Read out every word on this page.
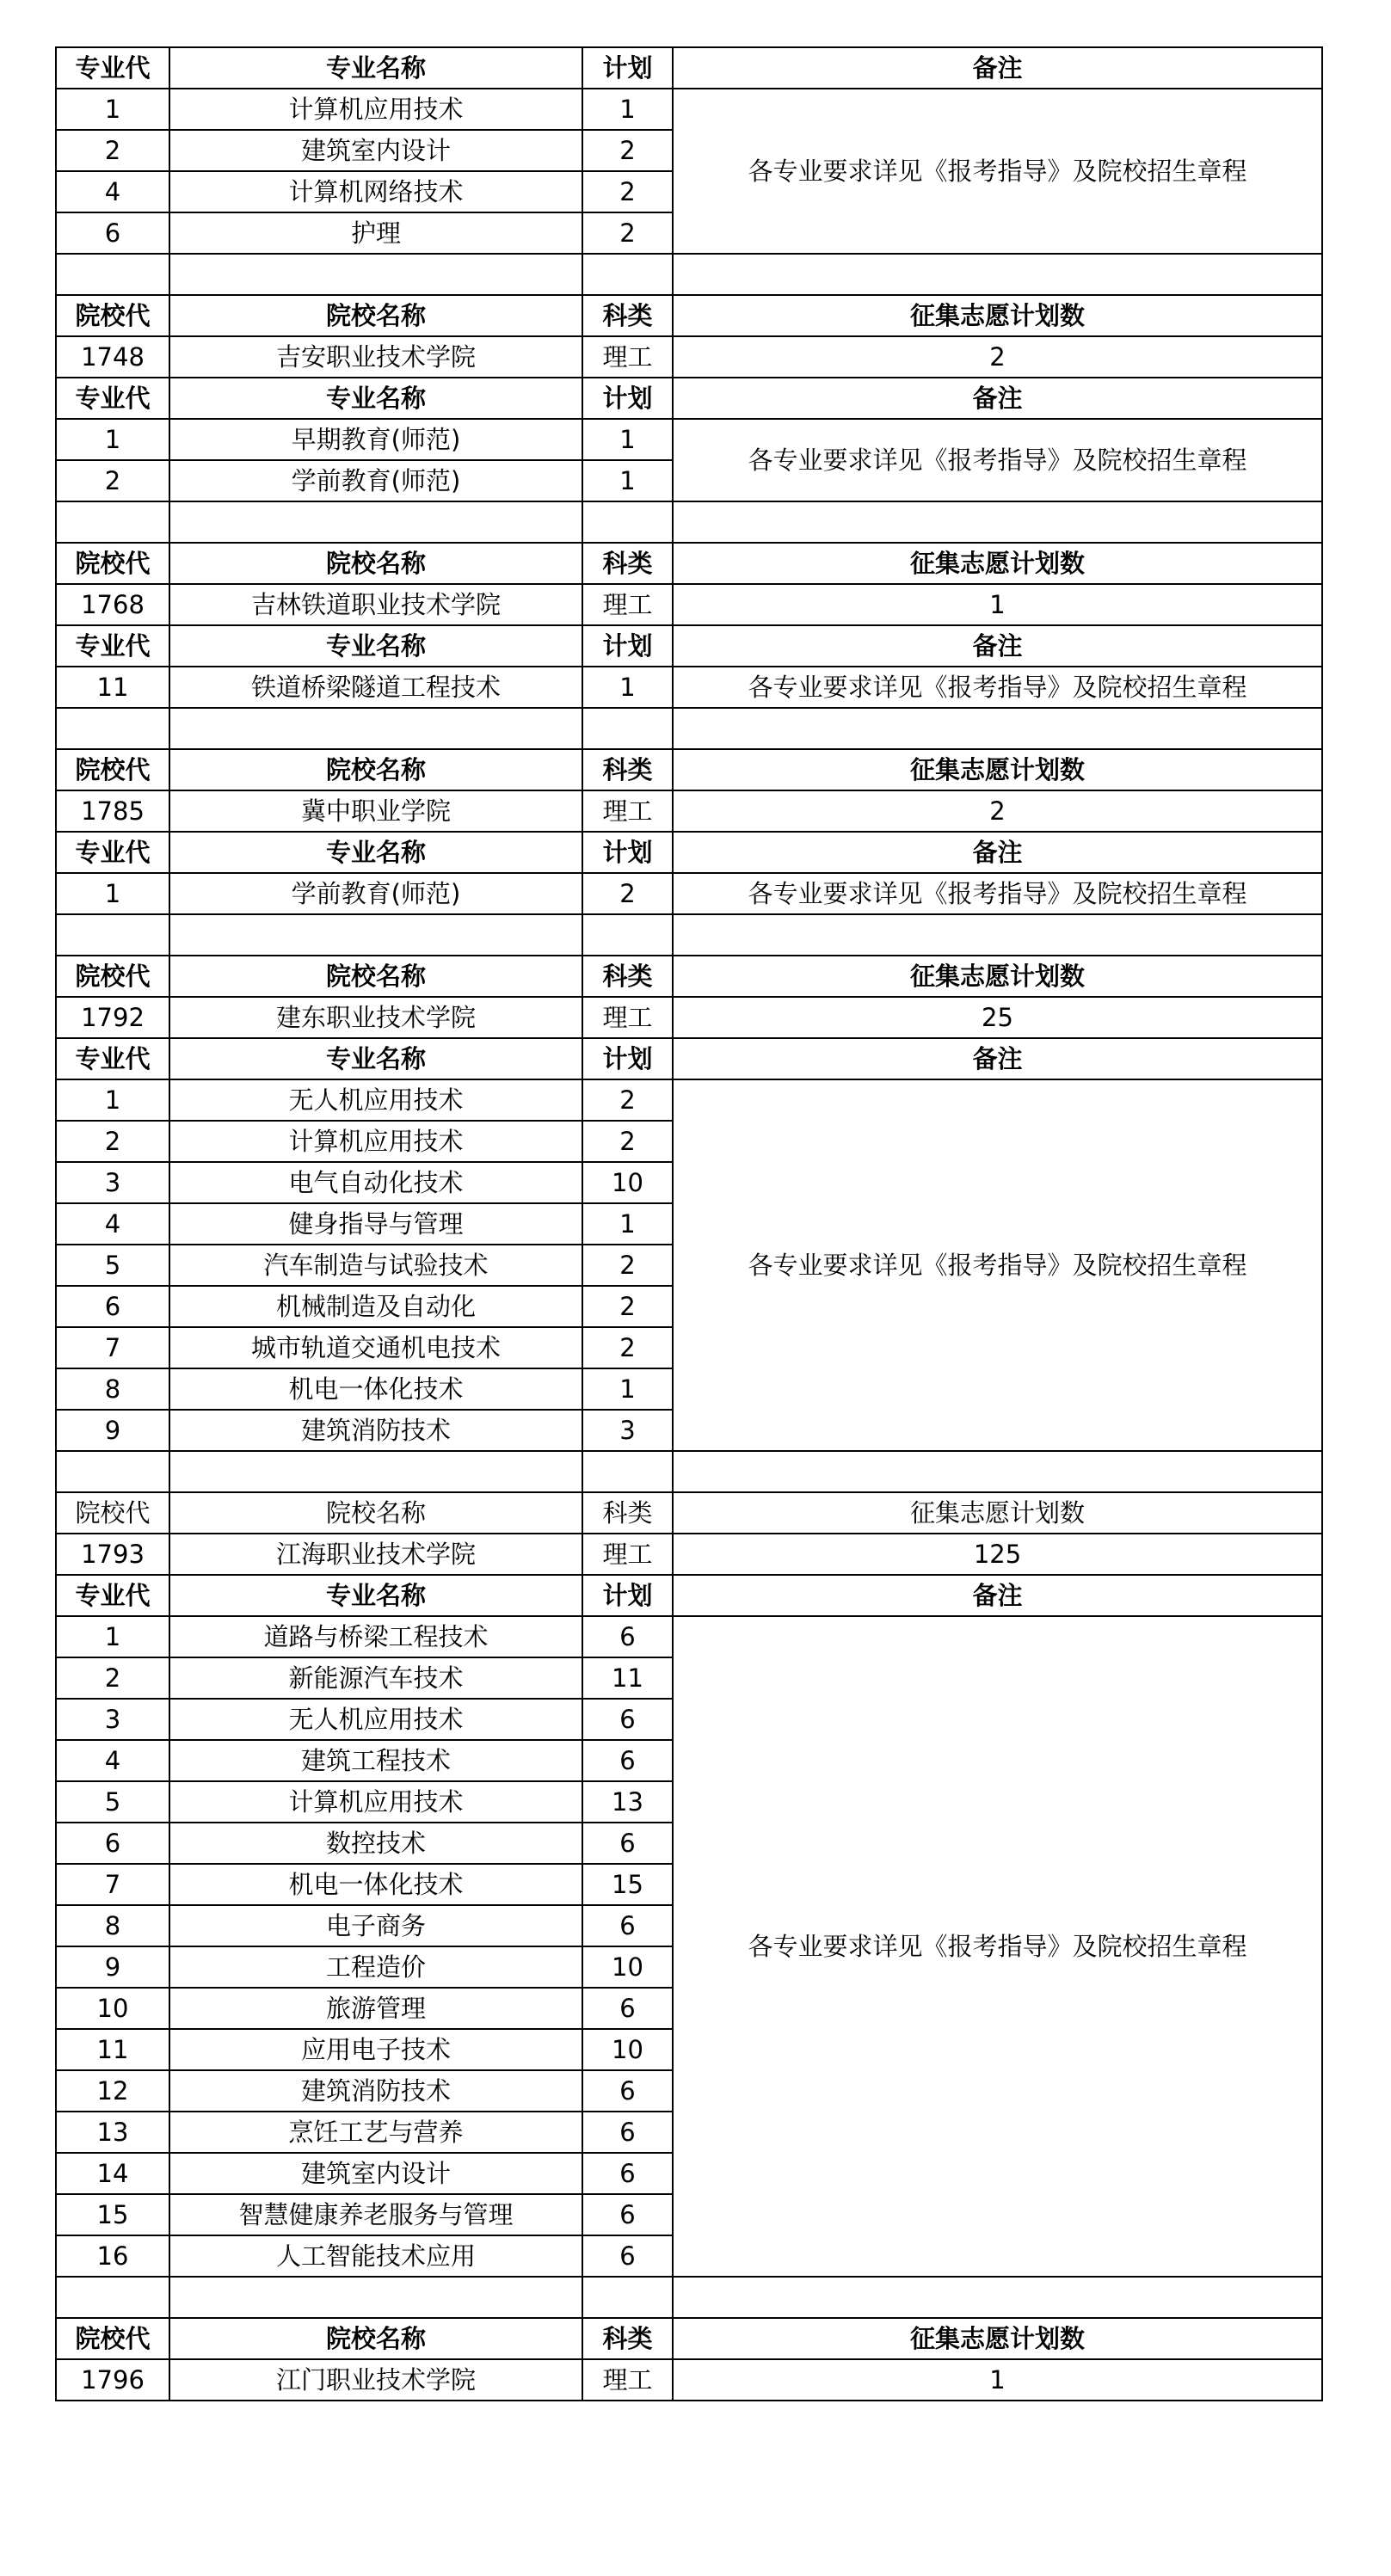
专业代	专业名称	计划	备注
1	计算机应用技术	1	各专业要求详见《报考指导》及院校招生章程
2	建筑室内设计	2	
4	计算机网络技术	2	
6	护理	2	

院校代	院校名称	科类	征集志愿计划数
1748	吉安职业技术学院	理工	2
专业代	专业名称	计划	备注
1	早期教育(师范)	1	各专业要求详见《报考指导》及院校招生章程
2	学前教育(师范)	1	

院校代	院校名称	科类	征集志愿计划数
1768	吉林铁道职业技术学院	理工	1
专业代	专业名称	计划	备注
11	铁道桥梁隧道工程技术	1	各专业要求详见《报考指导》及院校招生章程

院校代	院校名称	科类	征集志愿计划数
1785	冀中职业学院	理工	2
专业代	专业名称	计划	备注
1	学前教育(师范)	2	各专业要求详见《报考指导》及院校招生章程

院校代	院校名称	科类	征集志愿计划数
1792	建东职业技术学院	理工	25
专业代	专业名称	计划	备注
1	无人机应用技术	2	各专业要求详见《报考指导》及院校招生章程
2	计算机应用技术	2	
3	电气自动化技术	10	
4	健身指导与管理	1	
5	汽车制造与试验技术	2	
6	机械制造及自动化	2	
7	城市轨道交通机电技术	2	
8	机电一体化技术	1	
9	建筑消防技术	3	

院校代	院校名称	科类	征集志愿计划数
1793	江海职业技术学院	理工	125
专业代	专业名称	计划	备注
1	道路与桥梁工程技术	6	各专业要求详见《报考指导》及院校招生章程
2	新能源汽车技术	11	
3	无人机应用技术	6	
4	建筑工程技术	6	
5	计算机应用技术	13	
6	数控技术	6	
7	机电一体化技术	15	
8	电子商务	6	
9	工程造价	10	
10	旅游管理	6	
11	应用电子技术	10	
12	建筑消防技术	6	
13	烹饪工艺与营养	6	
14	建筑室内设计	6	
15	智慧健康养老服务与管理	6	
16	人工智能技术应用	6	

院校代	院校名称	科类	征集志愿计划数
1796	江门职业技术学院	理工	1
